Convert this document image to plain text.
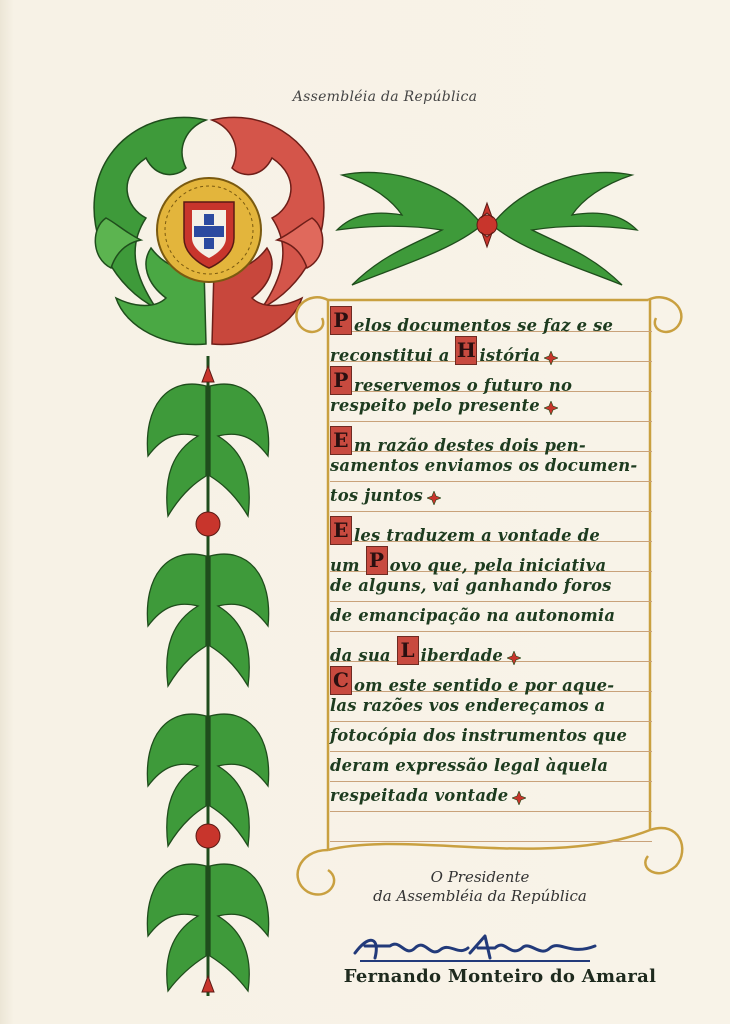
Assembléia da República
P elos documentos se faz e se
reconstitui a H istória
P reservemos o futuro no
respeito pelo presente
E m razão destes dois pen-
samentos enviamos os documen-
tos juntos
E les traduzem a vontade de
um P ovo que, pela iniciativa
de alguns, vai ganhando foros
de emancipação na autonomia
da sua L iberdade
C om este sentido e por aque-
las razões vos endereçamos a
fotocópia dos instrumentos que
deram expressão legal àquela
respeitada vontade
O Presidente
da Assembléia da República
Fernando Monteiro do Amaral
